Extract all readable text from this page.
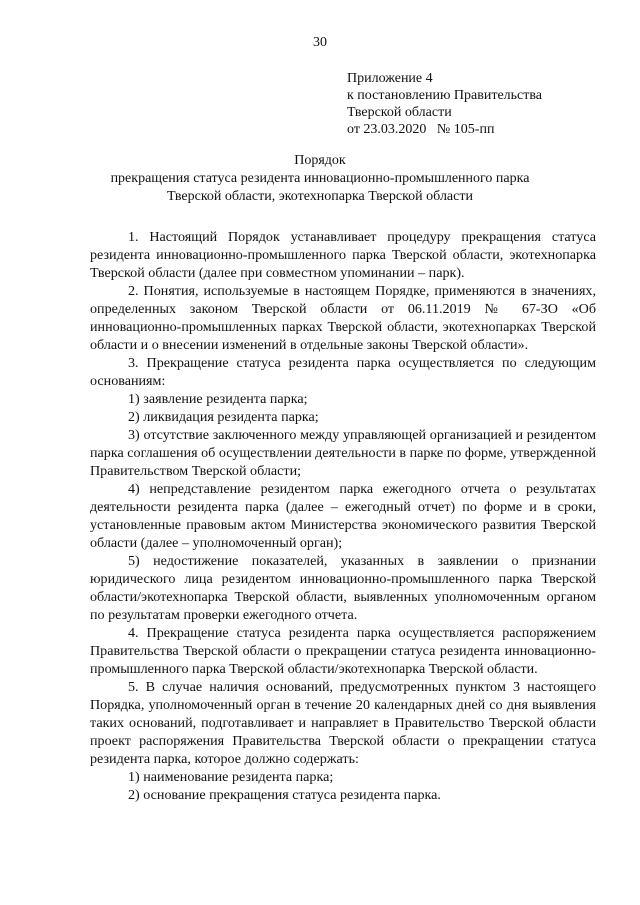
30
Приложение 4
к постановлению Правительства
Тверской области
от 23.03.2020   № 105-пп
Порядок
прекращения статуса резидента инновационно-промышленного парка
Тверской области, экотехнопарка Тверской области

1. Настоящий Порядок устанавливает процедуру прекращения статуса резидента инновационно-промышленного парка Тверской области, экотехнопарка Тверской области (далее при совместном упоминании – парк).

2. Понятия, используемые в настоящем Порядке, применяются в значениях, определенных законом Тверской области от 06.11.2019 № 67-ЗО «Об инновационно-промышленных парках Тверской области, экотехнопарках Тверской области и о внесении изменений в отдельные законы Тверской области».

3. Прекращение статуса резидента парка осуществляется по следующим основаниям:

1) заявление резидента парка;

2) ликвидация резидента парка;

3) отсутствие заключенного между управляющей организацией и резидентом парка соглашения об осуществлении деятельности в парке по форме, утвержденной Правительством Тверской области;

4) непредставление резидентом парка ежегодного отчета о результатах деятельности резидента парка (далее – ежегодный отчет) по форме и в сроки, установленные правовым актом Министерства экономического развития Тверской области (далее – уполномоченный орган);

5) недостижение показателей, указанных в заявлении о признании юридического лица резидентом инновационно-промышленного парка Тверской области/экотехнопарка Тверской области, выявленных уполномоченным органом по результатам проверки ежегодного отчета.

4. Прекращение статуса резидента парка осуществляется распоряжением Правительства Тверской области о прекращении статуса резидента инновационно-промышленного парка Тверской области/экотехнопарка Тверской области.

5. В случае наличия оснований, предусмотренных пунктом 3 настоящего Порядка, уполномоченный орган в течение 20 календарных дней со дня выявления таких оснований, подготавливает и направляет в Правительство Тверской области проект распоряжения Правительства Тверской области о прекращении статуса резидента парка, которое должно содержать:

1) наименование резидента парка;

2) основание прекращения статуса резидента парка.
